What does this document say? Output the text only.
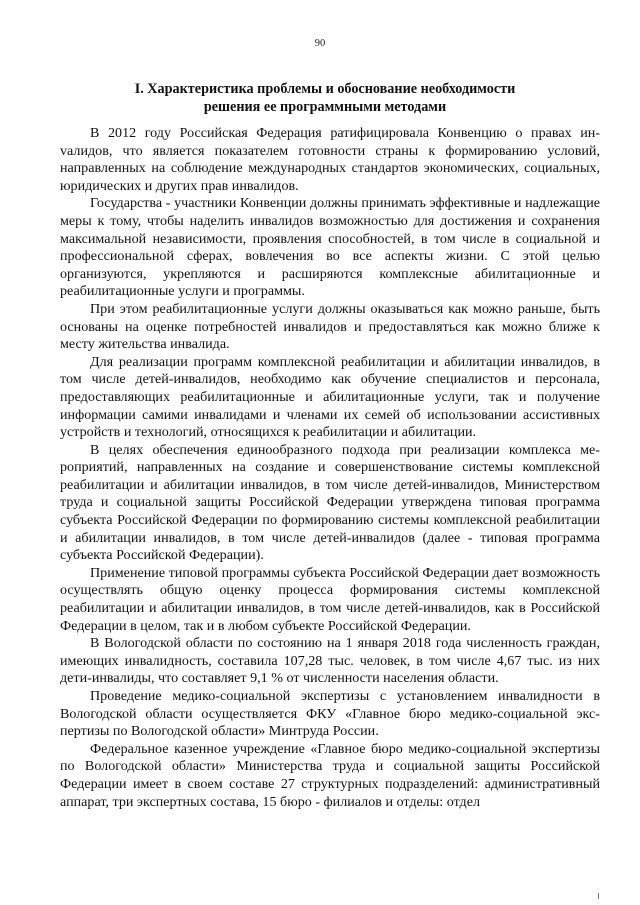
90
I. Характеристика проблемы и обоснование необходимости
решения ее программными методами

В 2012 году Российская Федерация ратифицировала Конвенцию о правах инvалидов, что является показателем готовности страны к формированию условий, направленных на соблюдение международных стандартов экономических, социальных, юридических и других прав инвалидов.

Государства - участники Конвенции должны принимать эффективные и надлежащие меры к тому, чтобы наделить инвалидов возможностью для достижения и сохранения максимальной независимости, проявления способностей, в том числе в социальной и профессиональной сферах, вовлечения во все аспекты жизни. С этой целью организуются, укрепляются и расширяются комплексные абилитационные и реабилитационные услуги и программы.

При этом реабилитационные услуги должны оказываться как можно раньше, быть основаны на оценке потребностей инвалидов и предоставляться как можно ближе к месту жительства инвалида.

Для реализации программ комплексной реабилитации и абилитации инвалидов, в том числе детей-инвалидов, необходимо как обучение специалистов и персонала, предоставляющих реабилитационные и абилитационные услуги, так и получение информации самими инвалидами и членами их семей об использовании ассистивных устройств и технологий, относящихся к реабилитации и абилитации.

В целях обеспечения единообразного подхода при реализации комплекса мероприятий, направленных на создание и совершенствование системы комплексной реабилитации и абилитации инвалидов, в том числе детей-инвалидов, Министерством труда и социальной защиты Российской Федерации утверждена типовая программа субъекта Российской Федерации по формированию системы комплексной реабилитации и абилитации инвалидов, в том числе детей-инвалидов (далее - типовая программа субъекта Российской Федерации).

Применение типовой программы субъекта Российской Федерации дает возможность осуществлять общую оценку процесса формирования системы комплексной реабилитации и абилитации инвалидов, в том числе детей-инвалидов, как в Российской Федерации в целом, так и в любом субъекте Российской Федерации.

В Вологодской области по состоянию на 1 января 2018 года численность граждан, имеющих инвалидность, составила 107,28 тыс. человек, в том числе 4,67 тыс. из них дети-инвалиды, что составляет 9,1 % от численности населения области.

Проведение медико-социальной экспертизы с установлением инвалидности в Вологодской области осуществляется ФКУ «Главное бюро медико-социальной экспертизы по Вологодской области» Минтруда России.

Федеральное казенное учреждение «Главное бюро медико-социальной экспертизы по Вологодской области» Министерства труда и социальной защиты Российской Федерации имеет в своем составе 27 структурных подразделений: административный аппарат, три экспертных состава, 15 бюро - филиалов и отделы: отдел
